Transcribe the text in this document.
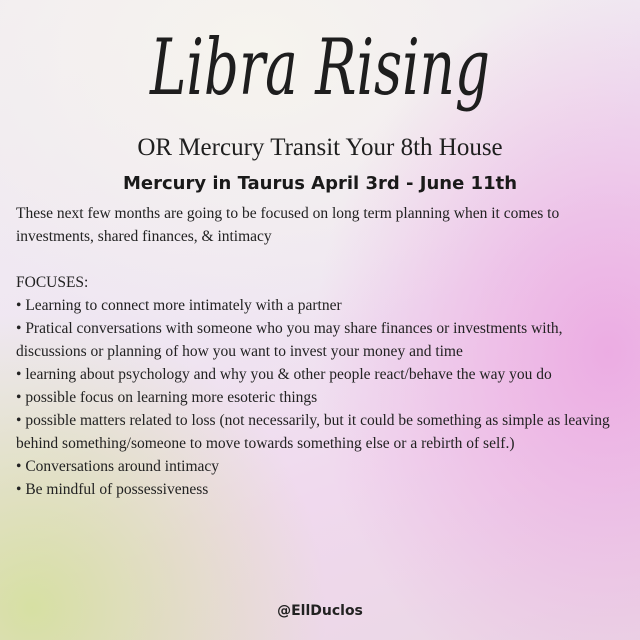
Libra Rising
OR Mercury Transit Your 8th House
Mercury in Taurus April 3rd - June 11th

These next few months are going to be focused on long term planning when it comes to investments, shared finances, & intimacy

FOCUSES:

• Learning to connect more intimately with a partner
• Pratical conversations with someone who you may share finances or investments with, discussions or planning of how you want to invest your money and time
• learning about psychology and why you & other people react/behave the way you do
• possible focus on learning more esoteric things
• possible matters related to loss (not necessarily, but it could be something as simple as leaving behind something/someone to move towards something else or a rebirth of self.)
• Conversations around intimacy
• Be mindful of possessiveness
@EllDuclos
